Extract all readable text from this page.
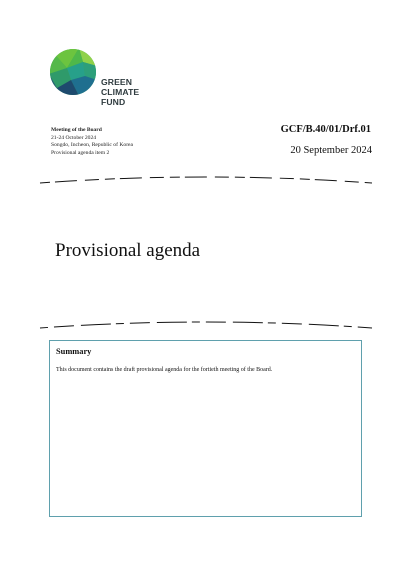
GREEN
CLIMATE
FUND
Meeting of the Board
21-24 October 2024
Songdo, Incheon, Republic of Korea
Provisional agenda item 2
GCF/B.40/01/Drf.01
20 September 2024
Provisional agenda
Summary
This document contains the draft provisional agenda for the fortieth meeting of the Board.
